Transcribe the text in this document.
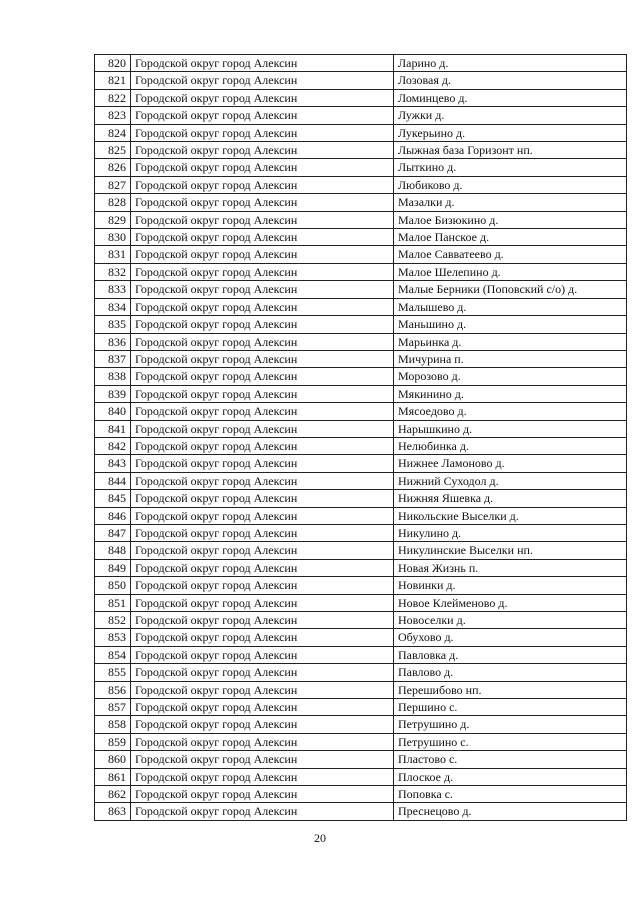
820	Городской округ город Алексин	Ларино д.
821	Городской округ город Алексин	Лозовая д.
822	Городской округ город Алексин	Ломинцево д.
823	Городской округ город Алексин	Лужки д.
824	Городской округ город Алексин	Лукерьино д.
825	Городской округ город Алексин	Лыжная база Горизонт нп.
826	Городской округ город Алексин	Лыткино д.
827	Городской округ город Алексин	Любиково д.
828	Городской округ город Алексин	Мазалки д.
829	Городской округ город Алексин	Малое Бизюкино д.
830	Городской округ город Алексин	Малое Панское д.
831	Городской округ город Алексин	Малое Савватеево д.
832	Городской округ город Алексин	Малое Шелепино д.
833	Городской округ город Алексин	Малые Берники (Поповский с/о) д.
834	Городской округ город Алексин	Малышево д.
835	Городской округ город Алексин	Маньшино д.
836	Городской округ город Алексин	Марьинка д.
837	Городской округ город Алексин	Мичурина п.
838	Городской округ город Алексин	Морозово д.
839	Городской округ город Алексин	Мякинино д.
840	Городской округ город Алексин	Мясоедово д.
841	Городской округ город Алексин	Нарышкино д.
842	Городской округ город Алексин	Нелюбинка д.
843	Городской округ город Алексин	Нижнее Ламоново д.
844	Городской округ город Алексин	Нижний Суходол д.
845	Городской округ город Алексин	Нижняя Яшевка д.
846	Городской округ город Алексин	Никольские Выселки д.
847	Городской округ город Алексин	Никулино д.
848	Городской округ город Алексин	Никулинские Выселки нп.
849	Городской округ город Алексин	Новая Жизнь п.
850	Городской округ город Алексин	Новинки д.
851	Городской округ город Алексин	Новое Клейменово д.
852	Городской округ город Алексин	Новоселки д.
853	Городской округ город Алексин	Обухово д.
854	Городской округ город Алексин	Павловка д.
855	Городской округ город Алексин	Павлово д.
856	Городской округ город Алексин	Перешибово нп.
857	Городской округ город Алексин	Першино с.
858	Городской округ город Алексин	Петрушино д.
859	Городской округ город Алексин	Петрушино с.
860	Городской округ город Алексин	Пластово с.
861	Городской округ город Алексин	Плоское д.
862	Городской округ город Алексин	Поповка с.
863	Городской округ город Алексин	Преснецово д.
20
